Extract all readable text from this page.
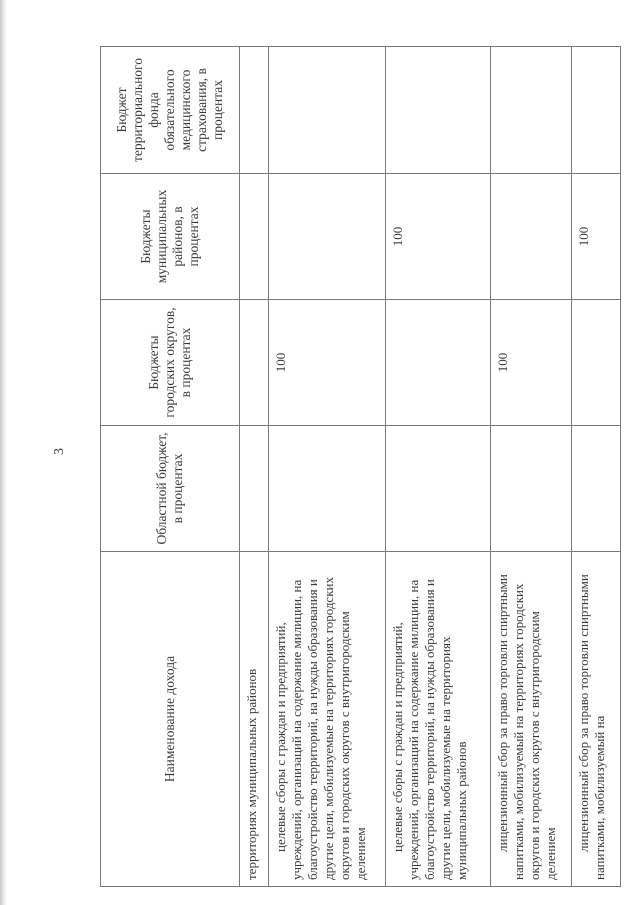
3
Наименование дохода	Областной бюджет, в процентах	Бюджеты городских округов, в процентах	Бюджеты муниципальных районов, в процентах	Бюджет территориального фонда обязательного медицинского страхования, в процентах

территориях муниципальных районов				

целевые сборы с граждан и предприятий, учреждений, организаций на содержание милиции, на благоустройство территорий, на нужды образования и другие цели, мобилизуемые на территориях городских округов и городских округов с внутригородским делением		100		

целевые сборы с граждан и предприятий, учреждений, организаций на содержание милиции, на благоустройство территорий, на нужды образования и другие цели, мобилизуемые на территориях муниципальных районов			100	

лицензионный сбор за право торговли спиртными напитками, мобилизуемый на территориях городских округов и городских округов с внутригородским делением		100		

лицензионный сбор за право торговли спиртными напитками, мобилизуемый на			100	
